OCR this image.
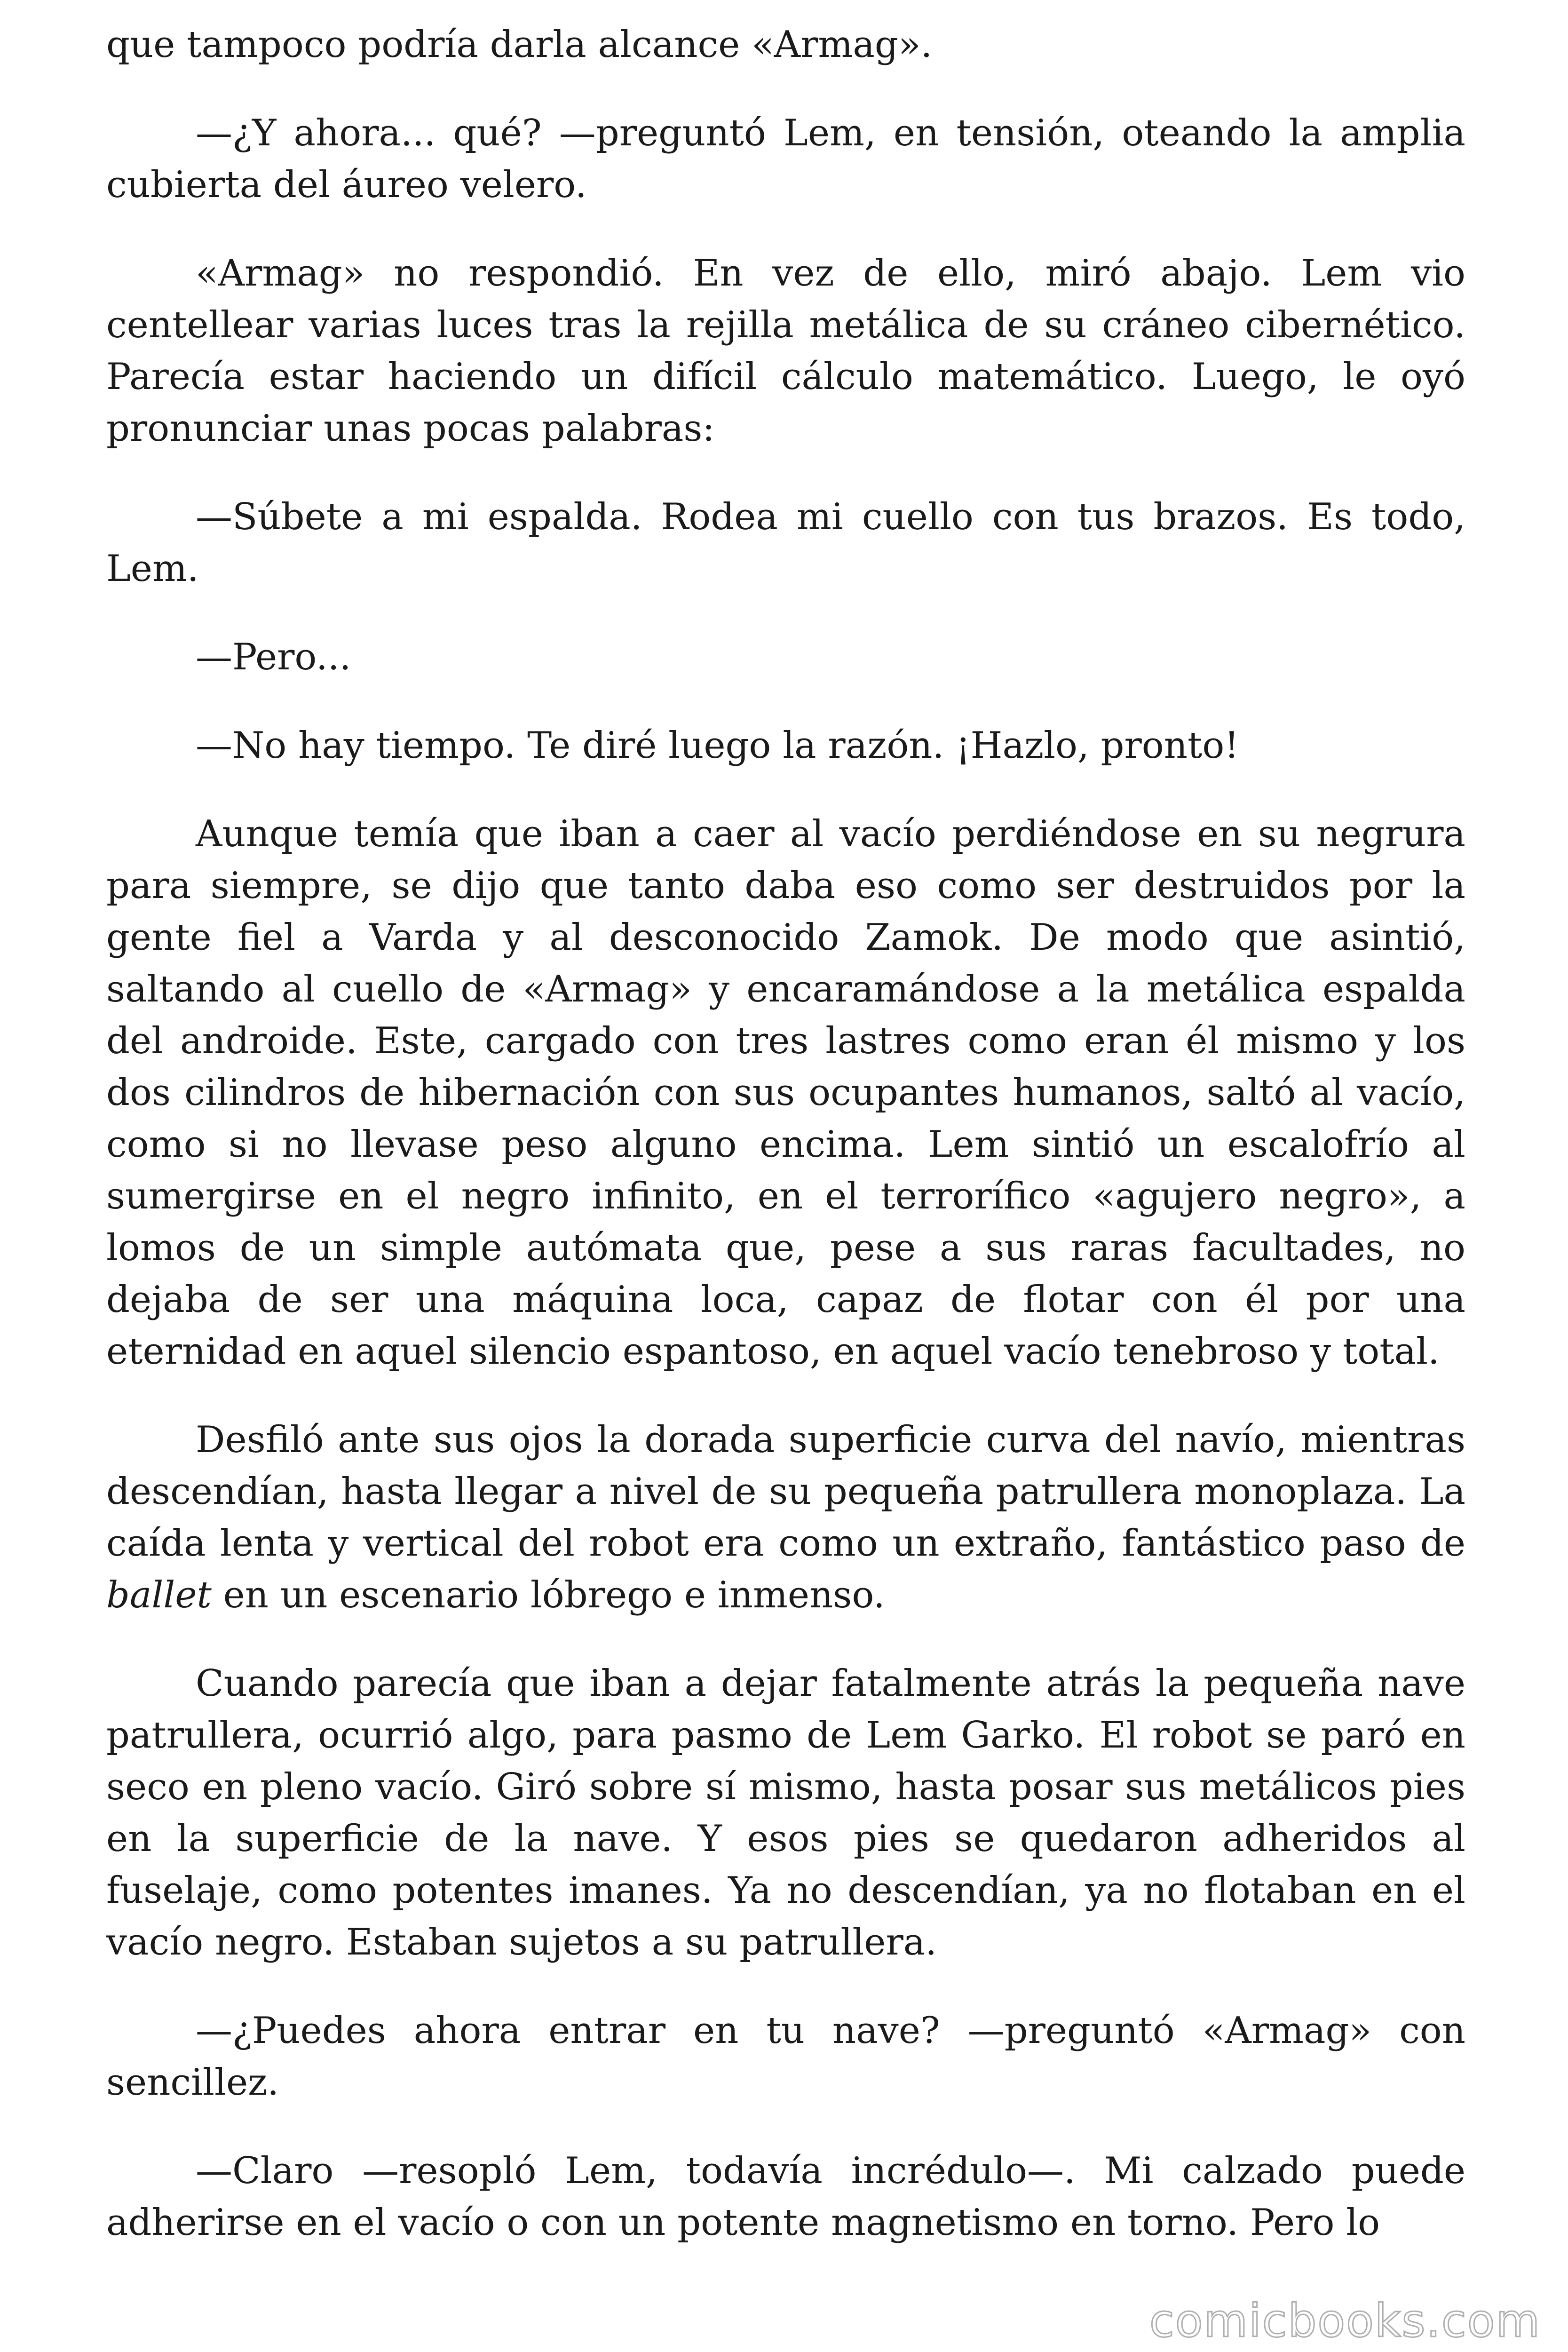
que tampoco podría darla alcance «Armag».

—¿Y ahora... qué? —preguntó Lem, en tensión, oteando la amplia cubierta del áureo velero.

«Armag» no respondió. En vez de ello, miró abajo. Lem vio centellear varias luces tras la rejilla metálica de su cráneo cibernético. Parecía estar haciendo un difícil cálculo matemático. Luego, le oyó pronunciar unas pocas palabras:

—Súbete a mi espalda. Rodea mi cuello con tus brazos. Es todo, Lem.

—Pero...

—No hay tiempo. Te diré luego la razón. ¡Hazlo, pronto!

Aunque temía que iban a caer al vacío perdiéndose en su negrura para siempre, se dijo que tanto daba eso como ser destruidos por la gente fiel a Varda y al desconocido Zamok. De modo que asintió, saltando al cuello de «Armag» y encaramándose a la metálica espalda del androide. Este, cargado con tres lastres como eran él mismo y los dos cilindros de hibernación con sus ocupantes humanos, saltó al vacío, como si no llevase peso alguno encima. Lem sintió un escalofrío al sumergirse en el negro infinito, en el terrorífico «agujero negro», a lomos de un simple autómata que, pese a sus raras facultades, no dejaba de ser una máquina loca, capaz de flotar con él por una eternidad en aquel silencio espantoso, en aquel vacío tenebroso y total.

Desfiló ante sus ojos la dorada superficie curva del navío, mientras descendían, hasta llegar a nivel de su pequeña patrullera monoplaza. La caída lenta y vertical del robot era como un extraño, fantástico paso de ballet en un escenario lóbrego e inmenso.

Cuando parecía que iban a dejar fatalmente atrás la pequeña nave patrullera, ocurrió algo, para pasmo de Lem Garko. El robot se paró en seco en pleno vacío. Giró sobre sí mismo, hasta posar sus metálicos pies en la superficie de la nave. Y esos pies se quedaron adheridos al fuselaje, como potentes imanes. Ya no descendían, ya no flotaban en el vacío negro. Estaban sujetos a su patrullera.

—¿Puedes ahora entrar en tu nave? —preguntó «Armag» con sencillez.

—Claro —resopló Lem, todavía incrédulo—. Mi calzado puede adherirse en el vacío o con un potente magnetismo en torno. Pero lo

comicbooks.com
